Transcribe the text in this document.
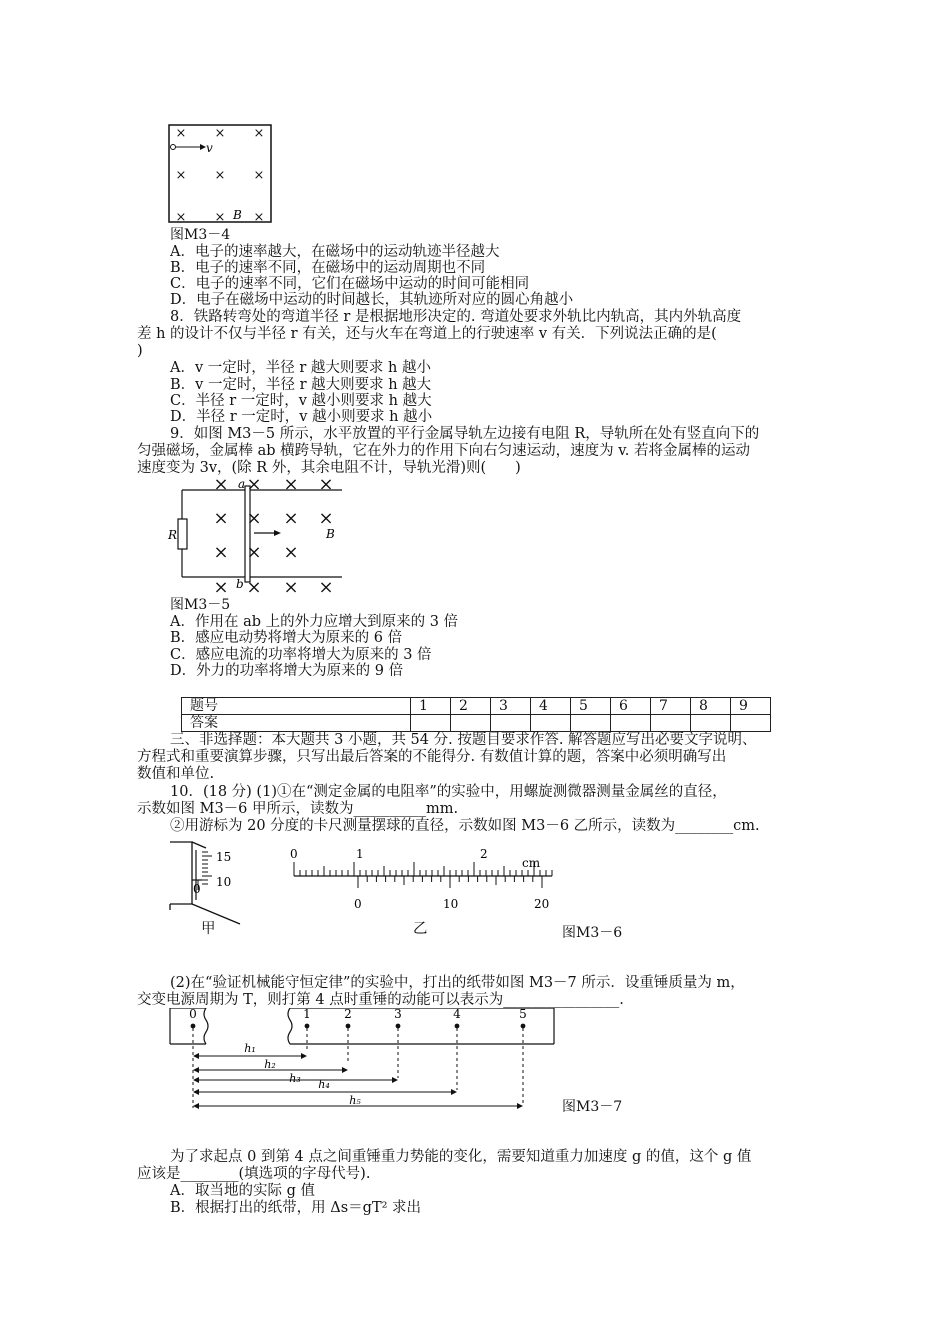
× × ×
× × ×
× × ×
v
B
图M3－4
A．电子的速率越大，在磁场中的运动轨迹半径越大
B．电子的速率不同，在磁场中的运动周期也不同
C．电子的速率不同，它们在磁场中运动的时间可能相同
D．电子在磁场中运动的时间越长，其轨迹所对应的圆心角越小
8．铁路转弯处的弯道半径 r 是根据地形决定的. 弯道处要求外轨比内轨高，其内外轨高度
差 h 的设计不仅与半径 r 有关，还与火车在弯道上的行驶速率 v 有关．下列说法正确的是(
)
A．v 一定时，半径 r 越大则要求 h 越小
B．v 一定时，半径 r 越大则要求 h 越大
C．半径 r 一定时，v 越小则要求 h 越大
D．半径 r 一定时，v 越小则要求 h 越小
9．如图 M3－5 所示，水平放置的平行金属导轨左边接有电阻 R，导轨所在处有竖直向下的
匀强磁场，金属棒 ab 横跨导轨，它在外力的作用下向右匀速运动，速度为 v. 若将金属棒的运动
速度变为 3v，(除 R 外，其余电阻不计，导轨光滑)则(　　)
R
a
b
× × × ×
× × × ×
× × ×
× × × ×
B
图M3－5
A．作用在 ab 上的外力应增大到原来的 3 倍
B．感应电动势将增大为原来的 6 倍
C．感应电流的功率将增大为原来的 3 倍
D．外力的功率将增大为原来的 9 倍
题号	1	2	3	4	5	6	7	8	9
答案									
三、非选择题：本大题共 3 小题，共 54 分. 按题目要求作答. 解答题应写出必要文字说明、
方程式和重要演算步骤，只写出最后答案的不能得分. 有数值计算的题，答案中必须明确写出
数值和单位.
10．(18 分) (1)①在“测定金属的电阻率”的实验中，用螺旋测微器测量金属丝的直径，
示数如图 M3－6 甲所示，读数为__________mm.
②用游标为 20 分度的卡尺测量摆球的直径，示数如图 M3－6 乙所示，读数为________cm.
15
10
0
甲
0	1	2
cm
0	10	20
乙	图M3－6
(2)在“验证机械能守恒定律”的实验中，打出的纸带如图 M3－7 所示．设重锤质量为 m，
交变电源周期为 T，则打第 4 点时重锤的动能可以表示为________________.
0	1	2	3	4	5
h₁
h₂
h₃ h₄
h₅	图M3－7
为了求起点 0 到第 4 点之间重锤重力势能的变化，需要知道重力加速度 g 的值，这个 g 值
应该是________(填选项的字母代号).
A．取当地的实际 g 值
B．根据打出的纸带，用 Δs＝gT² 求出
